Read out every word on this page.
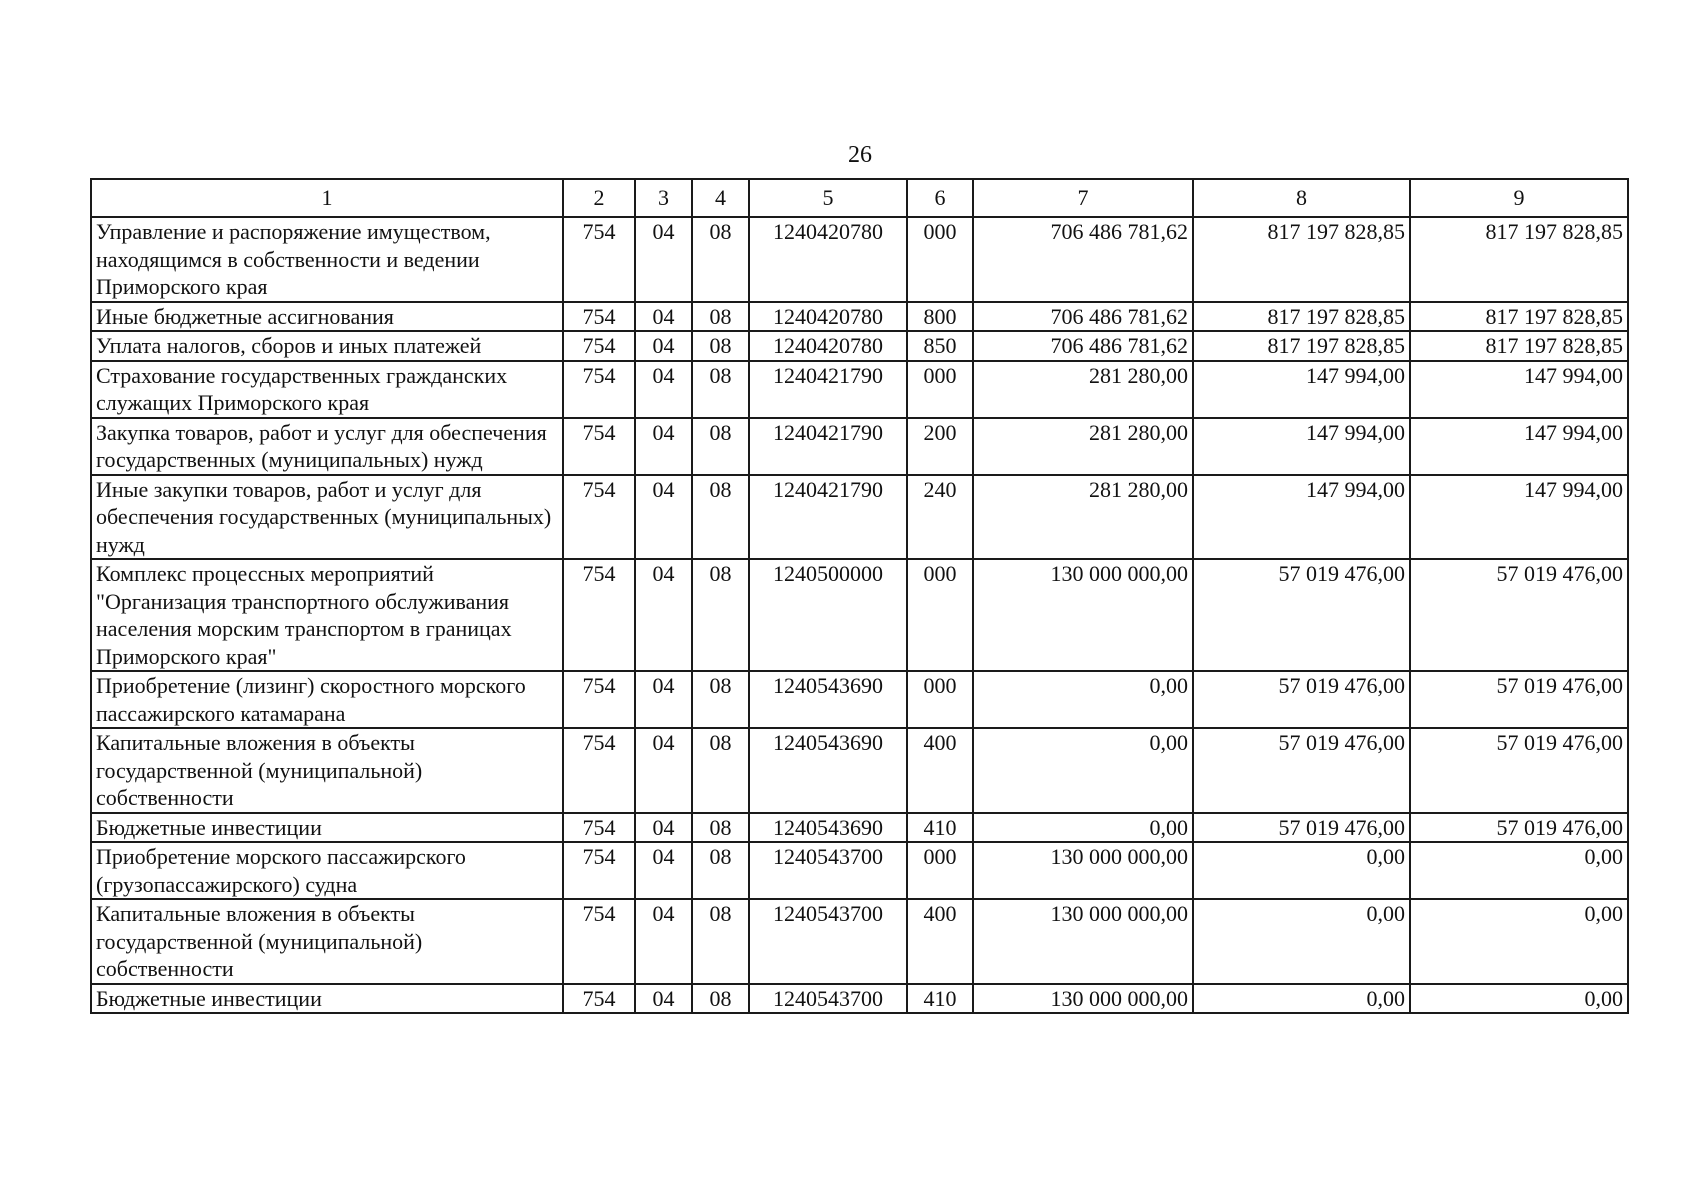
26
1	2	3	4	5	6	7	8	9
Управление и распоряжение имуществом, находящимся в собственности и ведении Приморского края	754	04	08	1240420780	000	706 486 781,62	817 197 828,85	817 197 828,85
Иные бюджетные ассигнования	754	04	08	1240420780	800	706 486 781,62	817 197 828,85	817 197 828,85
Уплата налогов, сборов и иных платежей	754	04	08	1240420780	850	706 486 781,62	817 197 828,85	817 197 828,85
Страхование государственных гражданских служащих Приморского края	754	04	08	1240421790	000	281 280,00	147 994,00	147 994,00
Закупка товаров, работ и услуг для обеспечения государственных (муниципальных) нужд	754	04	08	1240421790	200	281 280,00	147 994,00	147 994,00
Иные закупки товаров, работ и услуг для обеспечения государственных (муниципальных) нужд	754	04	08	1240421790	240	281 280,00	147 994,00	147 994,00
Комплекс процессных мероприятий "Организация транспортного обслуживания населения морским транспортом в границах Приморского края"	754	04	08	1240500000	000	130 000 000,00	57 019 476,00	57 019 476,00
Приобретение (лизинг) скоростного морского пассажирского катамарана	754	04	08	1240543690	000	0,00	57 019 476,00	57 019 476,00
Капитальные вложения в объекты государственной (муниципальной) собственности	754	04	08	1240543690	400	0,00	57 019 476,00	57 019 476,00
Бюджетные инвестиции	754	04	08	1240543690	410	0,00	57 019 476,00	57 019 476,00
Приобретение морского пассажирского (грузопассажирского) судна	754	04	08	1240543700	000	130 000 000,00	0,00	0,00
Капитальные вложения в объекты государственной (муниципальной) собственности	754	04	08	1240543700	400	130 000 000,00	0,00	0,00
Бюджетные инвестиции	754	04	08	1240543700	410	130 000 000,00	0,00	0,00
